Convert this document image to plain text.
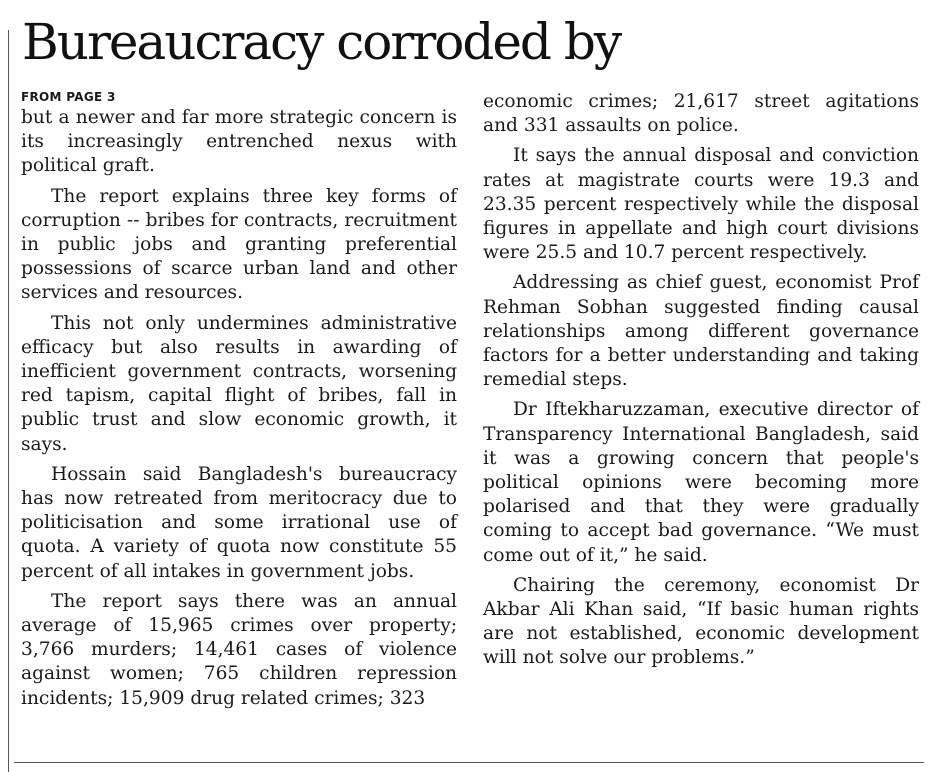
Bureaucracy corroded by
FROM PAGE 3

but a newer and far more strategic concern is its increasingly entrenched nexus with political graft.

The report explains three key forms of corruption -- bribes for contracts, recruitment in public jobs and granting preferential possessions of scarce urban land and other services and resources.

This not only undermines administrative efficacy but also results in awarding of inefficient government contracts, worsening red tapism, capital flight of bribes, fall in public trust and slow economic growth, it says.

Hossain said Bangladesh's bureaucracy has now retreated from meritocracy due to politicisation and some irrational use of quota. A variety of quota now constitute 55 percent of all intakes in government jobs.

The report says there was an annual average of 15,965 crimes over property; 3,766 murders; 14,461 cases of violence against women; 765 children repression incidents; 15,909 drug related crimes; 323

economic crimes; 21,617 street agitations and 331 assaults on police.

It says the annual disposal and conviction rates at magistrate courts were 19.3 and 23.35 percent respectively while the disposal figures in appellate and high court divisions were 25.5 and 10.7 percent respectively.

Addressing as chief guest, economist Prof Rehman Sobhan suggested finding causal relationships among different governance factors for a better understanding and taking remedial steps.

Dr Iftekharuzzaman, executive director of Transparency International Bangladesh, said it was a growing concern that people's political opinions were becoming more polarised and that they were gradually coming to accept bad governance. “We must come out of it,” he said.

Chairing the ceremony, economist Dr Akbar Ali Khan said, “If basic human rights are not established, economic development will not solve our problems.”
